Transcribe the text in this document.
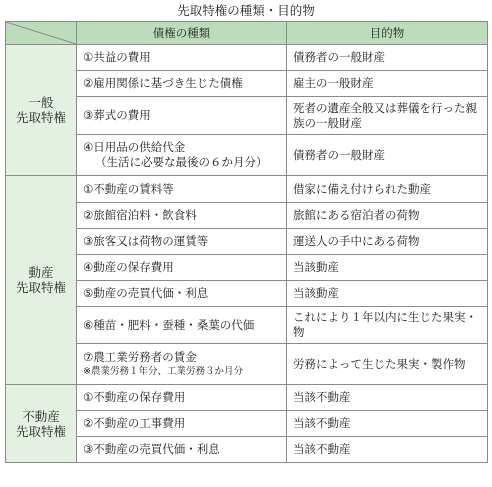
先取特権の種類・目的物
	債権の種類	目的物

一般
先取特権	①共益の費用	債務者の一般財産
	②雇用関係に基づき生じた債権	雇主の一般財産
	③葬式の費用	死者の遺産全般又は葬儀を行った親族の一般財産

	④日用品の供給代金
（生活に必要な最後の６か月分）	債務者の一般財産

動産
先取特権	①不動産の賃料等	借家に備え付けられた動産
	②旅館宿泊料・飲食料	旅館にある宿泊者の荷物
	③旅客又は荷物の運賃等	運送人の手中にある荷物
	④動産の保存費用	当該動産
	⑤動産の売買代価・利息	当該動産
	⑥種苗・肥料・蚕種・桑葉の代価	これにより１年以内に生じた果実・物

	⑦農工業労務者の賃金
※農業労務１年分、工業労務３か月分	労務によって生じた果実・製作物

不動産
先取特権	①不動産の保存費用	当該不動産
	②不動産の工事費用	当該不動産
	③不動産の売買代価・利息	当該不動産
